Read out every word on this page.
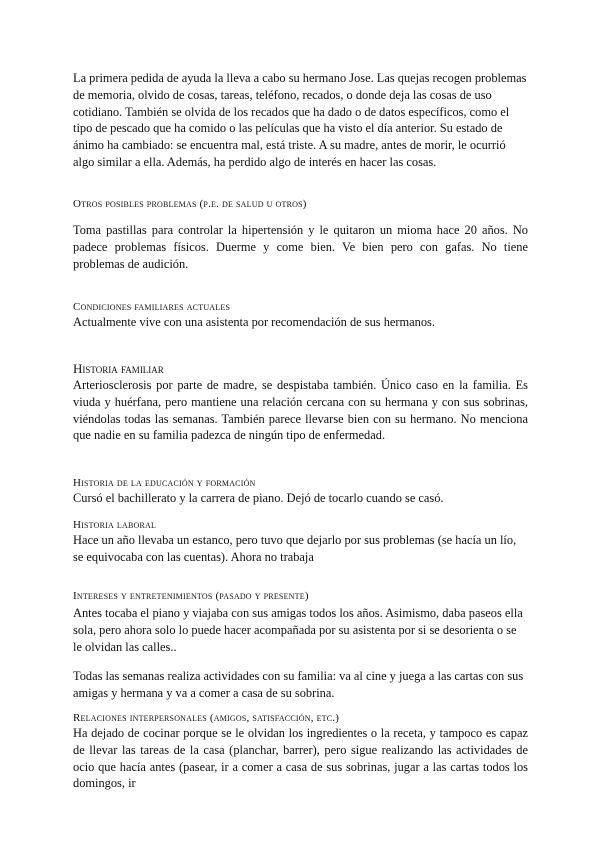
La primera pedida de ayuda la lleva a cabo su hermano Jose. Las quejas recogen problemas de memoria, olvido de cosas, tareas, teléfono, recados, o donde deja las cosas de uso cotidiano. También se olvida de los recados que ha dado o de datos específicos, como el tipo de pescado que ha comido o las películas que ha visto el día anterior. Su estado de ánimo ha cambiado: se encuentra mal, está triste. A su madre, antes de morir, le ocurrió algo similar a ella. Además, ha perdido algo de interés en hacer las cosas.

Otros posibles problemas (p.e. de salud u otros)

Toma pastillas para controlar la hipertensión y le quitaron un mioma hace 20 años. No padece problemas físicos. Duerme y come bien. Ve bien pero con gafas. No tiene problemas de audición.

Condiciones familiares actuales

Actualmente vive con una asistenta por recomendación de sus hermanos.

Historia familiar

Arteriosclerosis por parte de madre, se despistaba también. Único caso en la familia. Es viuda y huérfana, pero mantiene una relación cercana con su hermana y con sus sobrinas, viéndolas todas las semanas. También parece llevarse bien con su hermano. No menciona que nadie en su familia padezca de ningún tipo de enfermedad.

Historia de la educación y formación

Cursó el bachillerato y la carrera de piano. Dejó de tocarlo cuando se casó.

Historia laboral

Hace un año llevaba un estanco, pero tuvo que dejarlo por sus problemas (se hacía un lío, se equivocaba con las cuentas). Ahora no trabaja

Intereses y entretenimientos (pasado y presente)

Antes tocaba el piano y viajaba con sus amigas todos los años. Asimismo, daba paseos ella sola, pero ahora solo lo puede hacer acompañada por su asistenta por si se desorienta o se le olvidan las calles..

Todas las semanas realiza actividades con su familia: va al cine y juega a las cartas con sus amigas y hermana y va a comer a casa de su sobrina.

Relaciones interpersonales (amigos, satisfacción, etc.)

Ha dejado de cocinar porque se le olvidan los ingredientes o la receta, y tampoco es capaz de llevar las tareas de la casa (planchar, barrer), pero sigue realizando las actividades de ocio que hacía antes (pasear, ir a comer a casa de sus sobrinas, jugar a las cartas todos los domingos, ir
